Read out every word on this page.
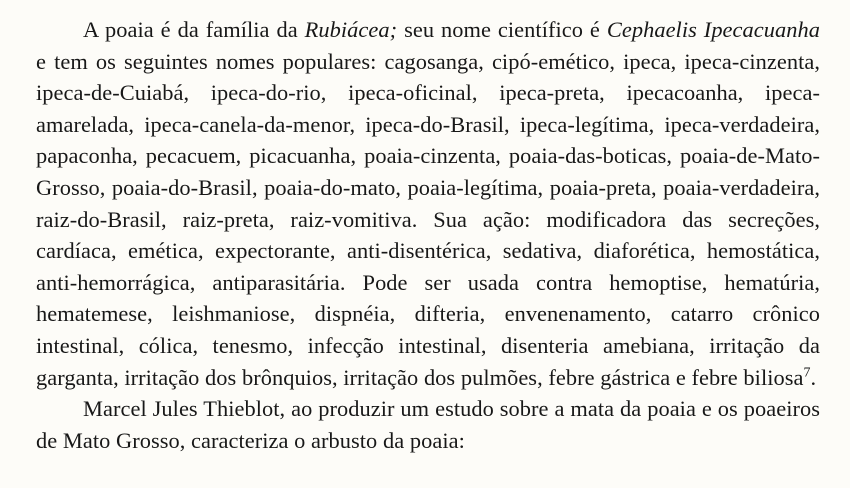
A poaia é da família da Rubiácea; seu nome científico é Cephaelis Ipecacuanha e tem os seguintes nomes populares: cagosanga, cipó-emético, ipeca, ipeca-cinzenta, ipeca-de-Cuiabá, ipeca-do-rio, ipeca-oficinal, ipeca-preta, ipecacoanha, ipeca-amarelada, ipeca-canela-da-menor, ipeca-do-Brasil, ipeca-legítima, ipeca-verdadeira, papaconha, pecacuem, picacuanha, poaia-cinzenta, poaia-das-boticas, poaia-de-Mato-Grosso, poaia-do-Brasil, poaia-do-mato, poaia-legítima, poaia-preta, poaia-verdadeira, raiz-do-Brasil, raiz-preta, raiz-vomitiva. Sua ação: modificadora das secreções, cardíaca, emética, expectorante, anti-disentérica, sedativa, diaforética, hemostática, anti-hemorrágica, antiparasitária. Pode ser usada contra hemoptise, hematúria, hematemese, leishmaniose, dispnéia, difteria, envenenamento, catarro crônico intestinal, cólica, tenesmo, infecção intestinal, disenteria amebiana, irritação da garganta, irritação dos brônquios, irritação dos pulmões, febre gástrica e febre biliosa$^7$.

Marcel Jules Thieblot, ao produzir um estudo sobre a mata da poaia e os poaeiros de Mato Grosso, caracteriza o arbusto da poaia:
